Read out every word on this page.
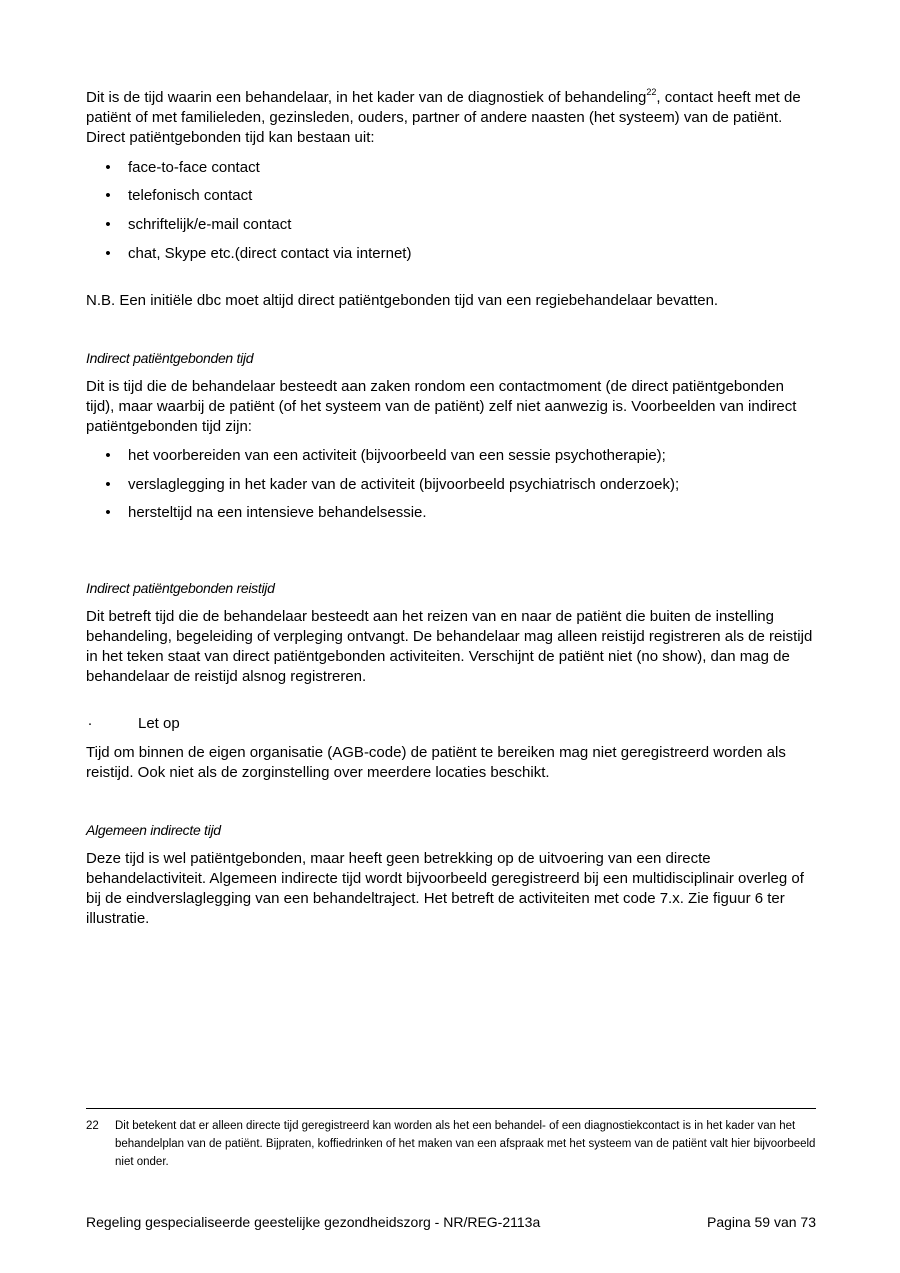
Dit is de tijd waarin een behandelaar, in het kader van de diagnostiek of behandeling$^{22}$, contact heeft met de patiënt of met familieleden, gezinsleden, ouders, partner of andere naasten (het systeem) van de patiënt. Direct patiëntgebonden tijd kan bestaan uit:

• face-to-face contact
• telefonisch contact
• schriftelijk/e-mail contact
• chat, Skype etc.(direct contact via internet)

N.B. Een initiële dbc moet altijd direct patiëntgebonden tijd van een regiebehandelaar bevatten.

Indirect patiëntgebonden tijd

Dit is tijd die de behandelaar besteedt aan zaken rondom een contactmoment (de direct patiëntgebonden tijd), maar waarbij de patiënt (of het systeem van de patiënt) zelf niet aanwezig is. Voorbeelden van indirect patiëntgebonden tijd zijn:

• het voorbereiden van een activiteit (bijvoorbeeld van een sessie psychotherapie);
• verslaglegging in het kader van de activiteit (bijvoorbeeld psychiatrisch onderzoek);
• hersteltijd na een intensieve behandelsessie.
Indirect patiëntgebonden reistijd

Dit betreft tijd die de behandelaar besteedt aan het reizen van en naar de patiënt die buiten de instelling behandeling, begeleiding of verpleging ontvangt. De behandelaar mag alleen reistijd registreren als de reistijd in het teken staat van direct patiëntgebonden activiteiten. Verschijnt de patiënt niet (no show), dan mag de behandelaar de reistijd alsnog registreren.

·	Let op

Tijd om binnen de eigen organisatie (AGB-code) de patiënt te bereiken mag niet geregistreerd worden als reistijd. Ook niet als de zorginstelling over meerdere locaties beschikt.

Algemeen indirecte tijd

Deze tijd is wel patiëntgebonden, maar heeft geen betrekking op de uitvoering van een directe behandelactiviteit. Algemeen indirecte tijd wordt bijvoorbeeld geregistreerd bij een multidisciplinair overleg of bij de eindverslaglegging van een behandeltraject. Het betreft de activiteiten met code 7.x. Zie figuur 6 ter illustratie.

22 Dit betekent dat er alleen directe tijd geregistreerd kan worden als het een behandel- of een diagnostiekcontact is in het kader van het behandelplan van de patiënt. Bijpraten, koffiedrinken of het maken van een afspraak met het systeem van de patiënt valt hier bijvoorbeeld niet onder.
Regeling gespecialiseerde geestelijke gezondheidszorg - NR/REG-2113a	Pagina 59 van 73
